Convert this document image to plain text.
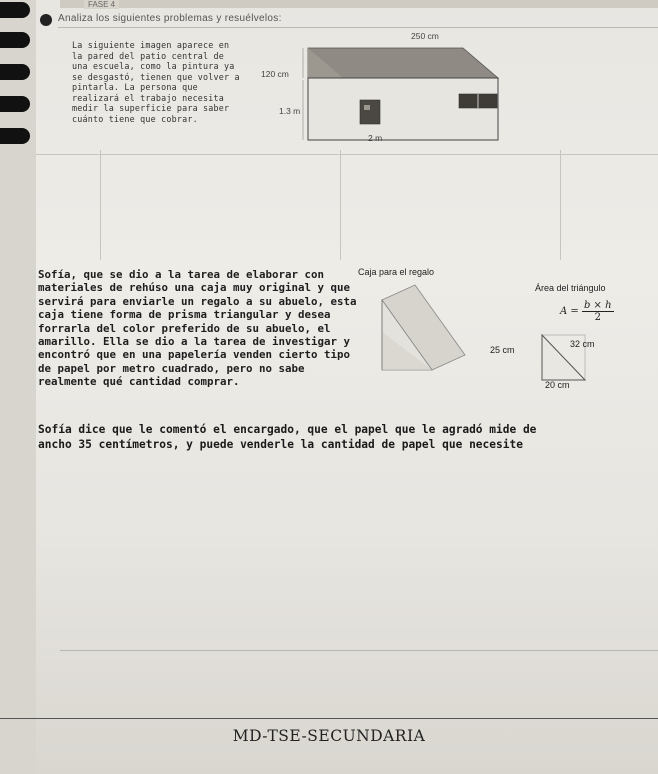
FASE 4
Analiza los siguientes problemas y resuélvelos:
La siguiente imagen aparece en la pared del patio central de una escuela, como la pintura ya se desgastó, tienen que volver a pintarla. La persona que realizará el trabajo necesita medir la superficie para saber cuánto tiene que cobrar.
250 cm
120 cm
1.3 m
2 m
Sofía, que se dio a la tarea de elaborar con materiales de rehúso una caja muy original y que servirá para enviarle un regalo a su abuelo, esta caja tiene forma de prisma triangular y desea forrarla del color preferido de su abuelo, el amarillo. Ella se dio a la tarea de investigar y encontró que en una papelería venden cierto tipo de papel por metro cuadrado, pero no sabe realmente qué cantidad comprar.
Caja para el regalo
Área del triángulo
$A = \frac{b \times h}{2}$
32 cm
25 cm
20 cm
Sofía dice que le comentó el encargado, que el papel que le agradó mide de
ancho 35 centímetros, y puede venderle la cantidad de papel que necesite
MD-TSE-SECUNDARIA
